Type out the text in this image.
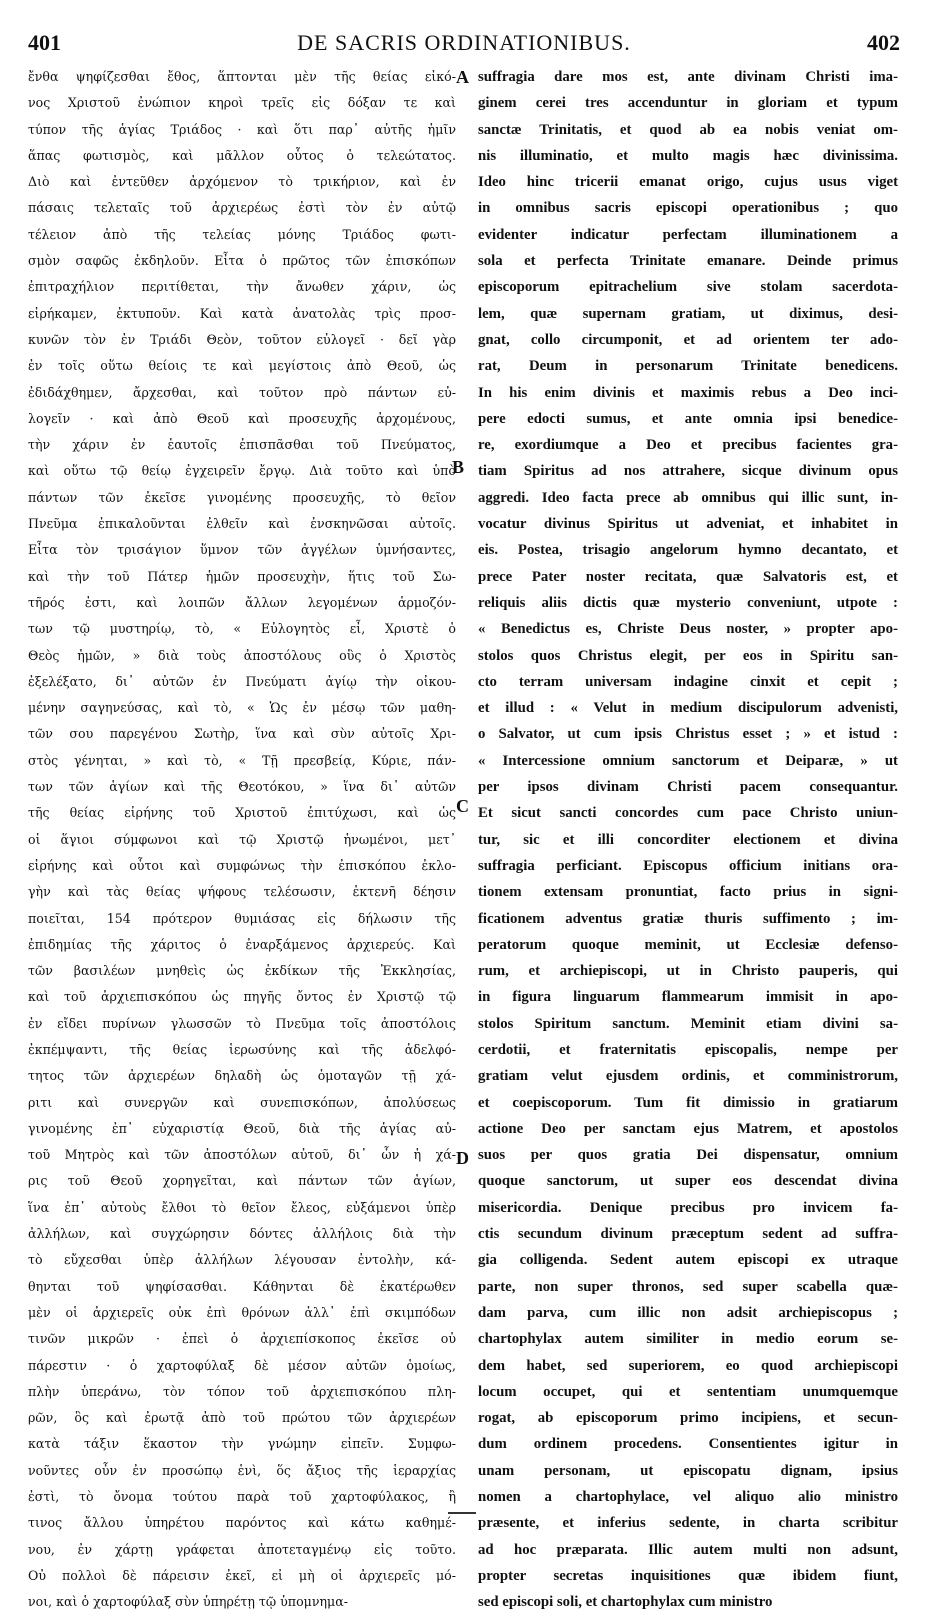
401	DE SACRIS ORDINATIONIBUS.	402
ἔνθα ψηφίζεσθαι ἔθος, ἅπτονται μὲν τῆς θείας εἰκό-
νος Χριστοῦ ἐνώπιον κηροὶ τρεῖς εἰς δόξαν τε καὶ
τύπον τῆς ἁγίας Τριάδος · καὶ ὅτι παρ᾽ αὐτῆς ἡμῖν
ἅπας φωτισμὸς, καὶ μᾶλλον οὗτος ὁ τελεώτατος.
Διὸ καὶ ἐντεῦθεν ἀρχόμενον τὸ τρικήριον, καὶ ἐν
πάσαις τελεταῖς τοῦ ἀρχιερέως ἐστὶ τὸν ἐν αὐτῷ
τέλειον ἀπὸ τῆς τελείας μόνης Τριάδος φωτι-
σμὸν σαφῶς ἐκδηλοῦν. Εἶτα ὁ πρῶτος τῶν ἐπισκόπων
ἐπιτραχήλιον περιτίθεται, τὴν ἄνωθεν χάριν, ὡς
εἰρήκαμεν, ἐκτυποῦν. Καὶ κατὰ ἀνατολὰς τρὶς προσ-
κυνῶν τὸν ἐν Τριάδι Θεὸν, τοῦτον εὐλογεῖ · δεῖ γὰρ
ἐν τοῖς οὕτω θείοις τε καὶ μεγίστοις ἀπὸ Θεοῦ, ὡς
ἐδιδάχθημεν, ἄρχεσθαι, καὶ τοῦτον πρὸ πάντων εὐ-
λογεῖν · καὶ ἀπὸ Θεοῦ καὶ προσευχῆς ἀρχομένους,
τὴν χάριν ἐν ἑαυτοῖς ἐπισπᾶσθαι τοῦ Πνεύματος,
καὶ οὕτω τῷ θείῳ ἐγχειρεῖν ἔργῳ. Διὰ τοῦτο καὶ ὑπὸ
πάντων τῶν ἐκεῖσε γινομένης προσευχῆς, τὸ θεῖον
Πνεῦμα ἐπικαλοῦνται ἐλθεῖν καὶ ἐνσκηνῶσαι αὐτοῖς.
Εἶτα τὸν τρισάγιον ὕμνον τῶν ἀγγέλων ὑμνήσαντες,
καὶ τὴν τοῦ Πάτερ ἡμῶν προσευχὴν, ἥτις τοῦ Σω-
τῆρός ἐστι, καὶ λοιπῶν ἄλλων λεγομένων ἁρμοζόν-
των τῷ μυστηρίῳ, τὸ, « Εὐλογητὸς εἶ, Χριστὲ ὁ
Θεὸς ἡμῶν, » διὰ τοὺς ἀποστόλους οὓς ὁ Χριστὸς
ἐξελέξατο, δι᾽ αὐτῶν ἐν Πνεύματι ἁγίῳ τὴν οἰκου-
μένην σαγηνεύσας, καὶ τὸ, « Ὡς ἐν μέσῳ τῶν μαθη-
τῶν σου παρεγένου Σωτὴρ, ἵνα καὶ σὺν αὐτοῖς Χρι-
στὸς γένηται, » καὶ τὸ, « Τῇ πρεσβείᾳ, Κύριε, πάν-
των τῶν ἁγίων καὶ τῆς Θεοτόκου, » ἵνα δι᾽ αὐτῶν
τῆς θείας εἰρήνης τοῦ Χριστοῦ ἐπιτύχωσι, καὶ ὡς
οἱ ἅγιοι σύμφωνοι καὶ τῷ Χριστῷ ἡνωμένοι, μετ᾽
εἰρήνης καὶ οὗτοι καὶ συμφώνως τὴν ἐπισκόπου ἐκλο-
γὴν καὶ τὰς θείας ψήφους τελέσωσιν, ἐκτενῆ δέησιν
ποιεῖται, 154 πρότερον θυμιάσας εἰς δήλωσιν τῆς
ἐπιδημίας τῆς χάριτος ὁ ἐναρξάμενος ἀρχιερεύς. Καὶ
τῶν βασιλέων μνηθεὶς ὡς ἐκδίκων τῆς Ἐκκλησίας,
καὶ τοῦ ἀρχιεπισκόπου ὡς πηγῆς ὄντος ἐν Χριστῷ τῷ
ἐν εἴδει πυρίνων γλωσσῶν τὸ Πνεῦμα τοῖς ἀποστόλοις
ἐκπέμψαντι, τῆς θείας ἱερωσύνης καὶ τῆς ἀδελφό-
τητος τῶν ἀρχιερέων δηλαδὴ ὡς ὁμοταγῶν τῇ χά-
ριτι καὶ συνεργῶν καὶ συνεπισκόπων, ἀπολύσεως
γινομένης ἐπ᾽ εὐχαριστίᾳ Θεοῦ, διὰ τῆς ἁγίας αὐ-
τοῦ Μητρὸς καὶ τῶν ἀποστόλων αὐτοῦ, δι᾽ ὧν ἡ χά-
ρις τοῦ Θεοῦ χορηγεῖται, καὶ πάντων τῶν ἁγίων,
ἵνα ἐπ᾽ αὐτοὺς ἔλθοι τὸ θεῖον ἔλεος, εὐξάμενοι ὑπὲρ
ἀλλήλων, καὶ συγχώρησιν δόντες ἀλλήλοις διὰ τὴν
τὸ εὔχεσθαι ὑπὲρ ἀλλήλων λέγουσαν ἐντολὴν, κά-
θηνται τοῦ ψηφίσασθαι. Κάθηνται δὲ ἑκατέρωθεν
μὲν οἱ ἀρχιερεῖς οὐκ ἐπὶ θρόνων ἀλλ᾽ ἐπὶ σκιμπόδων
τινῶν μικρῶν · ἐπεὶ ὁ ἀρχιεπίσκοπος ἐκεῖσε οὐ
πάρεστιν · ὁ χαρτοφύλαξ δὲ μέσον αὐτῶν ὁμοίως,
πλὴν ὑπεράνω, τὸν τόπον τοῦ ἀρχιεπισκόπου πλη-
ρῶν, ὃς καὶ ἐρωτᾷ ἀπὸ τοῦ πρώτου τῶν ἀρχιερέων
κατὰ τάξιν ἕκαστον τὴν γνώμην εἰπεῖν. Συμφω-
νοῦντες οὖν ἐν προσώπῳ ἑνὶ, ὅς ἄξιος τῆς ἱεραρχίας
ἐστὶ, τὸ ὄνομα τούτου παρὰ τοῦ χαρτοφύλακος, ἢ
τινος ἄλλου ὑπηρέτου παρόντος καὶ κάτω καθημέ-
νου, ἐν χάρτῃ γράφεται ἀποτεταγμένῳ εἰς τοῦτο.
Οὐ πολλοὶ δὲ πάρεισιν ἐκεῖ, εἰ μὴ οἱ ἀρχιερεῖς μό-
νοι, καὶ ὁ χαρτοφύλαξ σὺν ὑπηρέτῃ τῷ ὑπομνημα-
suffragia dare mos est, ante divinam Christi ima-
ginem cerei tres accenduntur in gloriam et typum
sanctæ Trinitatis, et quod ab ea nobis veniat om-
nis illuminatio, et multo magis hæc divinissima.
Ideo hinc tricerii emanat origo, cujus usus viget
in omnibus sacris episcopi operationibus ; quo
evidenter indicatur perfectam illuminationem a
sola et perfecta Trinitate emanare. Deinde primus
episcoporum epitrachelium sive stolam sacerdota-
lem, quæ supernam gratiam, ut diximus, desi-
gnat, collo circumponit, et ad orientem ter ado-
rat, Deum in personarum Trinitate benedicens.
In his enim divinis et maximis rebus a Deo inci-
pere edocti sumus, et ante omnia ipsi benedice-
re, exordiumque a Deo et precibus facientes gra-
tiam Spiritus ad nos attrahere, sicque divinum opus
aggredi. Ideo facta prece ab omnibus qui illic sunt, in-
vocatur divinus Spiritus ut adveniat, et inhabitet in
eis. Postea, trisagio angelorum hymno decantato, et
prece Pater noster recitata, quæ Salvatoris est, et
reliquis aliis dictis quæ mysterio conveniunt, utpote :
« Benedictus es, Christe Deus noster, » propter apo-
stolos quos Christus elegit, per eos in Spiritu san-
cto terram universam indagine cinxit et cepit ;
et illud : « Velut in medium discipulorum advenisti,
o Salvator, ut cum ipsis Christus esset ; » et istud :
« Intercessione omnium sanctorum et Deiparæ, » ut
per ipsos divinam Christi pacem consequantur.
Et sicut sancti concordes cum pace Christo uniun-
tur, sic et illi concorditer electionem et divina
suffragia perficiant. Episcopus officium initians ora-
tionem extensam pronuntiat, facto prius in signi-
ficationem adventus gratiæ thuris suffimento ; im-
peratorum quoque meminit, ut Ecclesiæ defenso-
rum, et archiepiscopi, ut in Christo pauperis, qui
in figura linguarum flammearum immisit in apo-
stolos Spiritum sanctum. Meminit etiam divini sa-
cerdotii, et fraternitatis episcopalis, nempe per
gratiam velut ejusdem ordinis, et comministrorum,
et coepiscoporum. Tum fit dimissio in gratiarum
actione Deo per sanctam ejus Matrem, et apostolos
suos per quos gratia Dei dispensatur, omnium
quoque sanctorum, ut super eos descendat divina
misericordia. Denique precibus pro invicem fa-
ctis secundum divinum præceptum sedent ad suffra-
gia colligenda. Sedent autem episcopi ex utraque
parte, non super thronos, sed super scabella quæ-
dam parva, cum illic non adsit archiepiscopus ;
chartophylax autem similiter in medio eorum se-
dem habet, sed superiorem, eo quod archiepiscopi
locum occupet, qui et sententiam unumquemque
rogat, ab episcoporum primo incipiens, et secun-
dum ordinem procedens. Consentientes igitur in
unam personam, ut episcopatu dignam, ipsius
nomen a chartophylace, vel aliquo alio ministro
præsente, et inferius sedente, in charta scribitur
ad hoc præparata. Illic autem multi non adsunt,
propter secretas inquisitiones quæ ibidem fiunt,
sed episcopi soli, et chartophylax cum ministro
A
B
C
D
